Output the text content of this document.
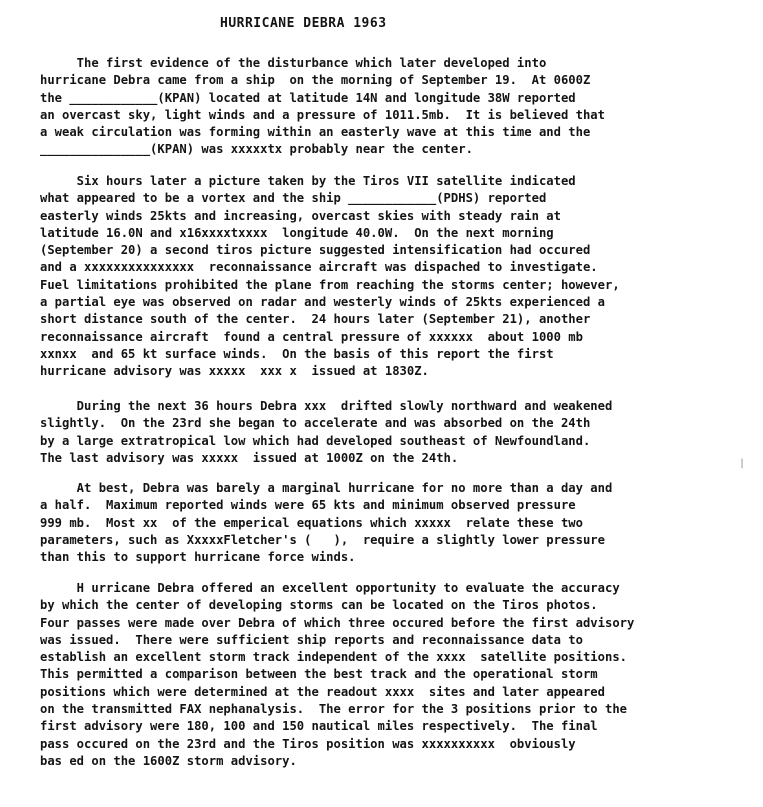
HURRICANE DEBRA 1963
The first evidence of the disturbance which later developed into
hurricane Debra came from a ship  on the morning of September 19.  At 0600Z
the ____________(KPAN) located at latitude 14N and longitude 38W reported
an overcast sky, light winds and a pressure of 1011.5mb.  It is believed that
a weak circulation was forming within an easterly wave at this time and the
_______________(KPAN) was xxxxxtx probably near the center.
Six hours later a picture taken by the Tiros VII satellite indicated
what appeared to be a vortex and the ship ____________(PDHS) reported
easterly winds 25kts and increasing, overcast skies with steady rain at
latitude 16.0N and x16xxxxtxxxx  longitude 40.0W.  On the next morning
(September 20) a second tiros picture suggested intensification had occured
and a xxxxxxxxxxxxxxx  reconnaissance aircraft was dispached to investigate.
Fuel limitations prohibited the plane from reaching the storms center; however,
a partial eye was observed on radar and westerly winds of 25kts experienced a
short distance south of the center.  24 hours later (September 21), another
reconnaissance aircraft  found a central pressure of xxxxxx  about 1000 mb
xxnxx  and 65 kt surface winds.  On the basis of this report the first
hurricane advisory was xxxxx  xxx x  issued at 1830Z.
During the next 36 hours Debra xxx  drifted slowly northward and weakened
slightly.  On the 23rd she began to accelerate and was absorbed on the 24th
by a large extratropical low which had developed southeast of Newfoundland.
The last advisory was xxxxx  issued at 1000Z on the 24th.
At best, Debra was barely a marginal hurricane for no more than a day and
a half.  Maximum reported winds were 65 kts and minimum observed pressure
999 mb.  Most xx  of the emperical equations which xxxxx  relate these two
parameters, such as XxxxxFletcher's (   ),  require a slightly lower pressure
than this to support hurricane force winds.
H urricane Debra offered an excellent opportunity to evaluate the accuracy
by which the center of developing storms can be located on the Tiros photos.
Four passes were made over Debra of which three occured before the first advisory
was issued.  There were sufficient ship reports and reconnaissance data to
establish an excellent storm track independent of the xxxx  satellite positions.
This permitted a comparison between the best track and the operational storm
positions which were determined at the readout xxxx  sites and later appeared
on the transmitted FAX nephanalysis.  The error for the 3 positions prior to the
first advisory were 180, 100 and 150 nautical miles respectively.  The final
pass occured on the 23rd and the Tiros position was xxxxxxxxxx  obviously
bas ed on the 1600Z storm advisory.
|
